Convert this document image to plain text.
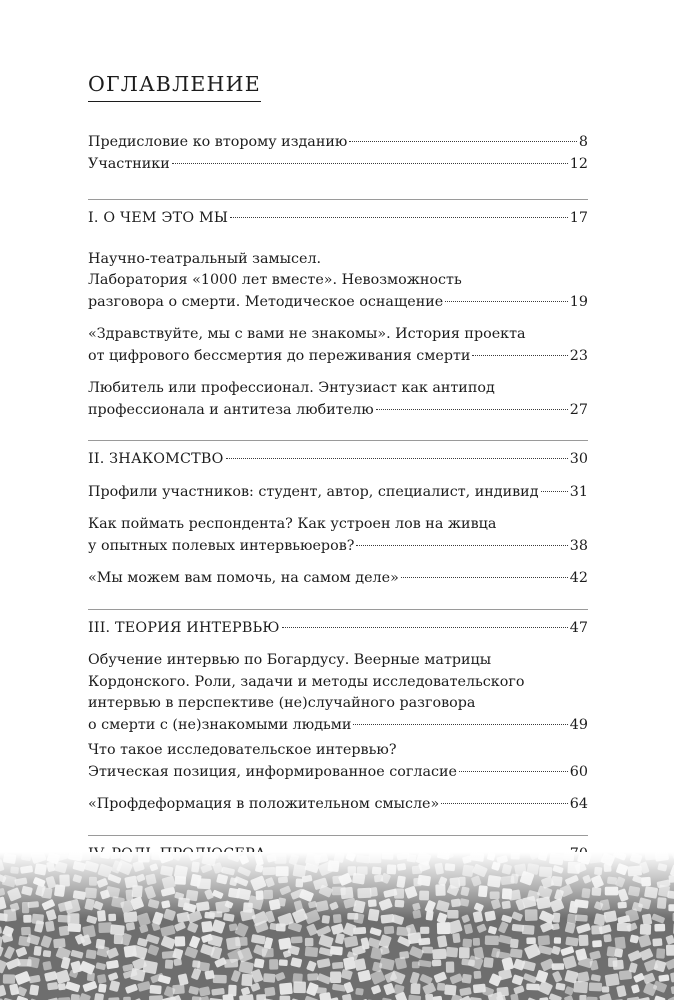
ОГЛАВЛЕНИЕ
Предисловие ко второму изданию	8
Участники	12
I. О ЧЕМ ЭТО МЫ	17
Научно-театральный замысел.
Лаборатория «1000 лет вместе». Невозможность
разговора о смерти. Методическое оснащение	19
«Здравствуйте, мы с вами не знакомы». История проекта
от цифрового бессмертия до переживания смерти	23
Любитель или профессионал. Энтузиаст как антипод
профессионала и антитеза любителю	27
II. ЗНАКОМСТВО	30
Профили участников: студент, автор, специалист, индивид 31
Как поймать респондента? Как устроен лов на живца
у опытных полевых интервьюеров?	38
«Мы можем вам помочь, на самом деле»	42
III. ТЕОРИЯ ИНТЕРВЬЮ	47
Обучение интервью по Богардусу. Веерные матрицы
Кордонского. Роли, задачи и методы исследовательского
интервью в перспективе (не)случайного разговора
о смерти с (не)знакомыми людьми	49
Что такое исследовательское интервью?
Этическая позиция, информированное согласие	60
«Профдеформация в положительном смысле»	64
